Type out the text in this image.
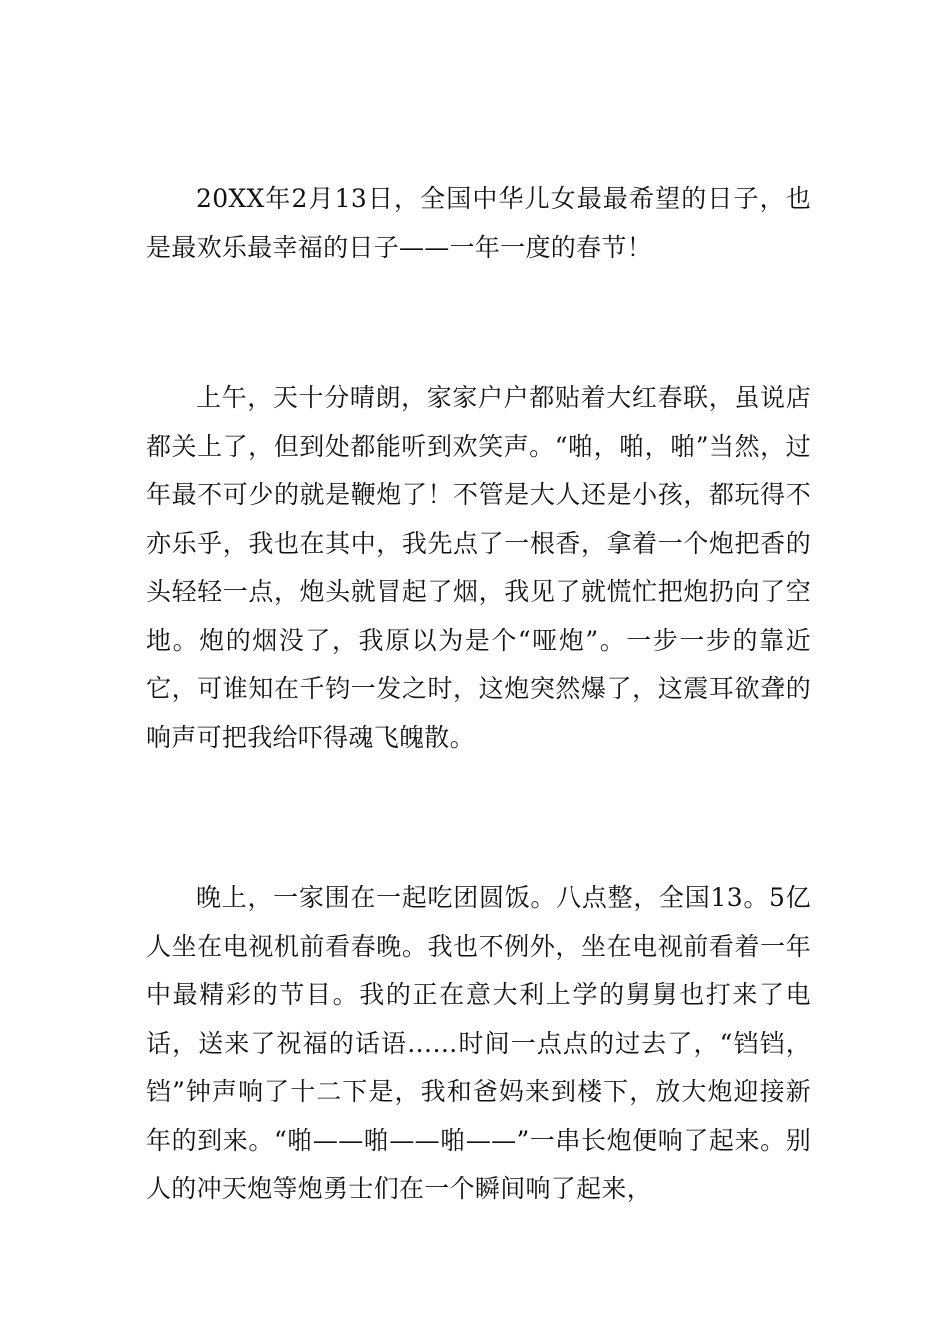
20XX年2月13日，全国中华儿女最最希望的日子，也是最欢乐最幸福的日子——一年一度的春节！

上午，天十分晴朗，家家户户都贴着大红春联，虽说店都关上了，但到处都能听到欢笑声。“啪，啪，啪”当然，过年最不可少的就是鞭炮了！不管是大人还是小孩，都玩得不亦乐乎，我也在其中，我先点了一根香，拿着一个炮把香的头轻轻一点，炮头就冒起了烟，我见了就慌忙把炮扔向了空地。炮的烟没了，我原以为是个“哑炮”。一步一步的靠近它，可谁知在千钧一发之时，这炮突然爆了，这震耳欲聋的响声可把我给吓得魂飞魄散。

晚上，一家围在一起吃团圆饭。八点整，全国13。5亿人坐在电视机前看春晚。我也不例外，坐在电视前看着一年中最精彩的节目。我的正在意大利上学的舅舅也打来了电话，送来了祝福的话语……时间一点点的过去了，“铛铛，铛”钟声响了十二下是，我和爸妈来到楼下，放大炮迎接新年的到来。“啪——啪——啪——”一串长炮便响了起来。别人的冲天炮等炮勇士们在一个瞬间响了起来，
